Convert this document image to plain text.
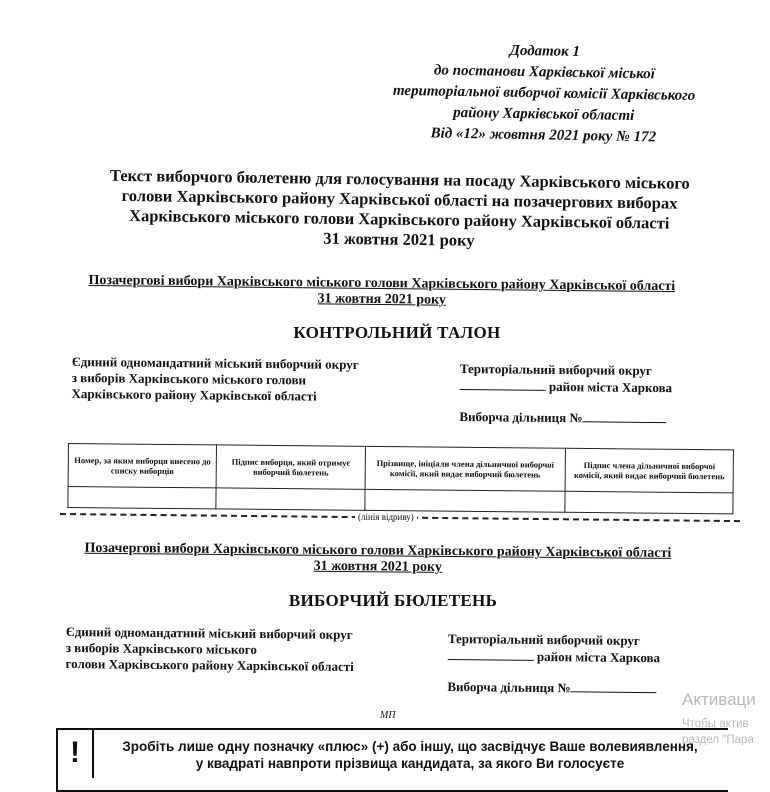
Додаток 1
до постанови Харківської міської
територіальної виборчої комісії Харківського
району Харківської області
Від «12» жовтня 2021 року № 172
Текст виборчого бюлетеню для голосування на посаду Харківського міського
голови Харківського району Харківської області на позачергових виборах
Харківського міського голови Харківського району Харківської області
31 жовтня 2021 року
Позачергові вибори Харківського міського голови Харківського району Харківської області
31 жовтня 2021 року
КОНТРОЛЬНИЙ ТАЛОН
Єдиний одномандатний міський виборчий округ
з виборів Харківського міського голови
Харківського району Харківської області
Територіальний виборчий округ
район міста Харкова
Виборча дільниця №
Номер, за яким виборця внесено до списку виборців	Підпис виборця, який отримує виборчий бюлетень	Прізвище, ініціали члена дільничної виборчої комісії, який видає виборчий бюлетень	Підпис члена дільничної виборчої комісії, який видає виборчий бюлетень

(лінія відриву)
Позачергові вибори Харківського міського голови Харківського району Харківської області
31 жовтня 2021 року
ВИБОРЧИЙ БЮЛЕТЕНЬ
Єдиний одномандатний міський виборчий округ
з виборів Харківського міського
голови Харківського району Харківської області
Територіальний виборчий округ
район міста Харкова
Виборча дільниця №
МП
!	Зробіть лише одну позначку «плюс» (+) або іншу, що засвідчує Ваше волевиявлення,
у квадраті навпроти прізвища кандидата, за якого Ви голосуєте
Активаци
Чтобы актив
раздел "Пара
